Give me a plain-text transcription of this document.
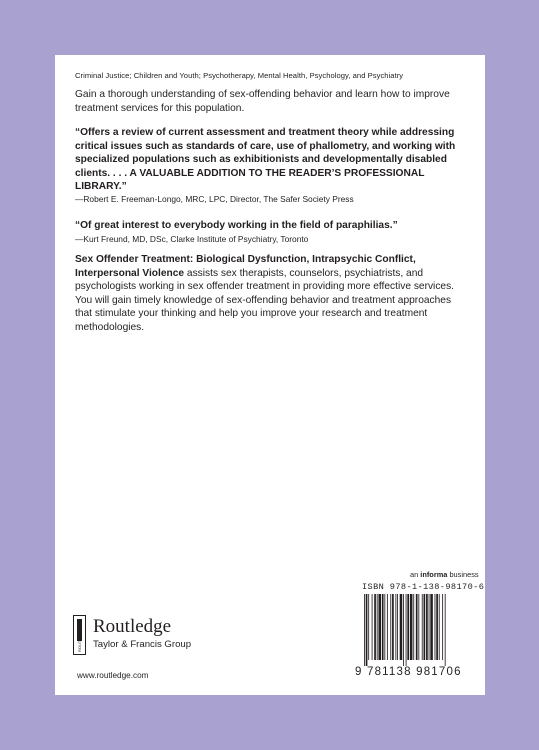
Criminal Justice; Children and Youth; Psychotherapy, Mental Health, Psychology, and Psychiatry
Gain a thorough understanding of sex-offending behavior and learn how to improve treatment services for this population.
“Offers a review of current assessment and treatment theory while addressing critical issues such as standards of care, use of phallometry, and working with specialized populations such as exhibitionists and developmentally disabled clients. . . . A VALUABLE ADDITION TO THE READER’S PROFESSIONAL LIBRARY.”
—Robert E. Freeman-Longo, MRC, LPC, Director, The Safer Society Press
“Of great interest to everybody working in the field of paraphilias.”
—Kurt Freund, MD, DSc, Clarke Institute of Psychiatry, Toronto
Sex Offender Treatment: Biological Dysfunction, Intrapsychic Conflict, Interpersonal Violence assists sex therapists, counselors, psychiatrists, and psychologists working in sex offender treatment in providing more effective services. You will gain timely knowledge of sex-offending behavior and treatment approaches that stimulate your thinking and help you improve your research and treatment methodologies.
ROUTLEDGE
Routledge
Taylor & Francis Group
www.routledge.com
an informa business
ISBN 978-1-138-98170-6
9 781138 981706
